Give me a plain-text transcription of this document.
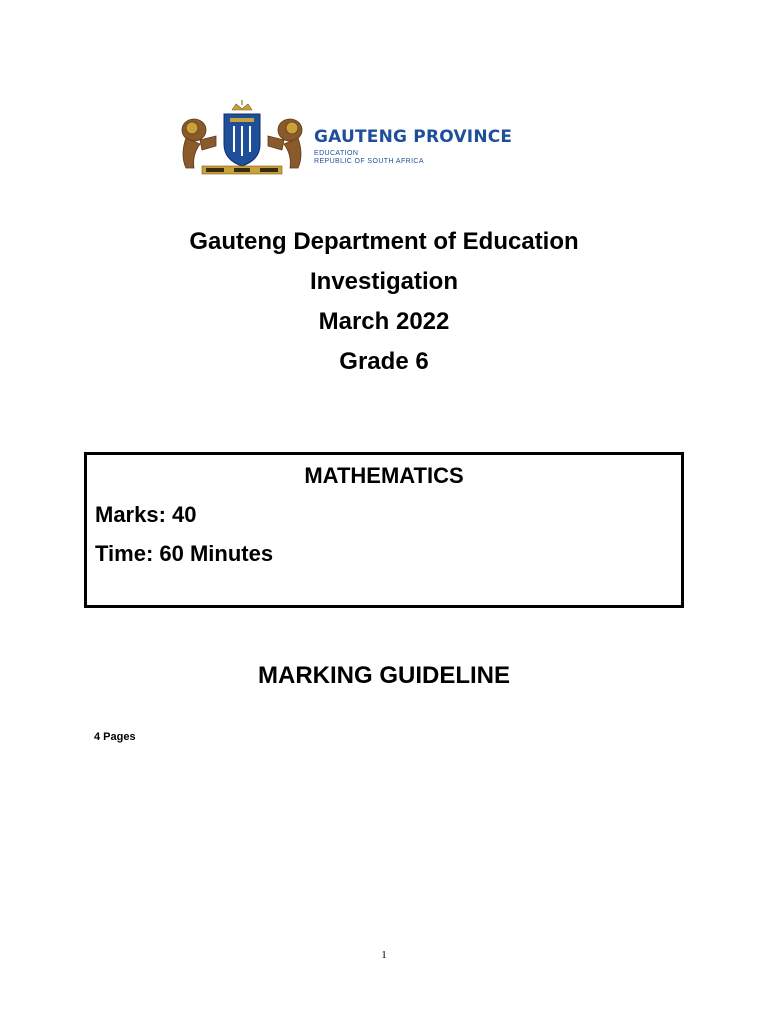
GAUTENG PROVINCE
EDUCATION
REPUBLIC OF SOUTH AFRICA
Gauteng Department of Education
Investigation
March 2022
Grade 6
MATHEMATICS
Marks: 40
Time: 60 Minutes
MARKING GUIDELINE
4 Pages
1
